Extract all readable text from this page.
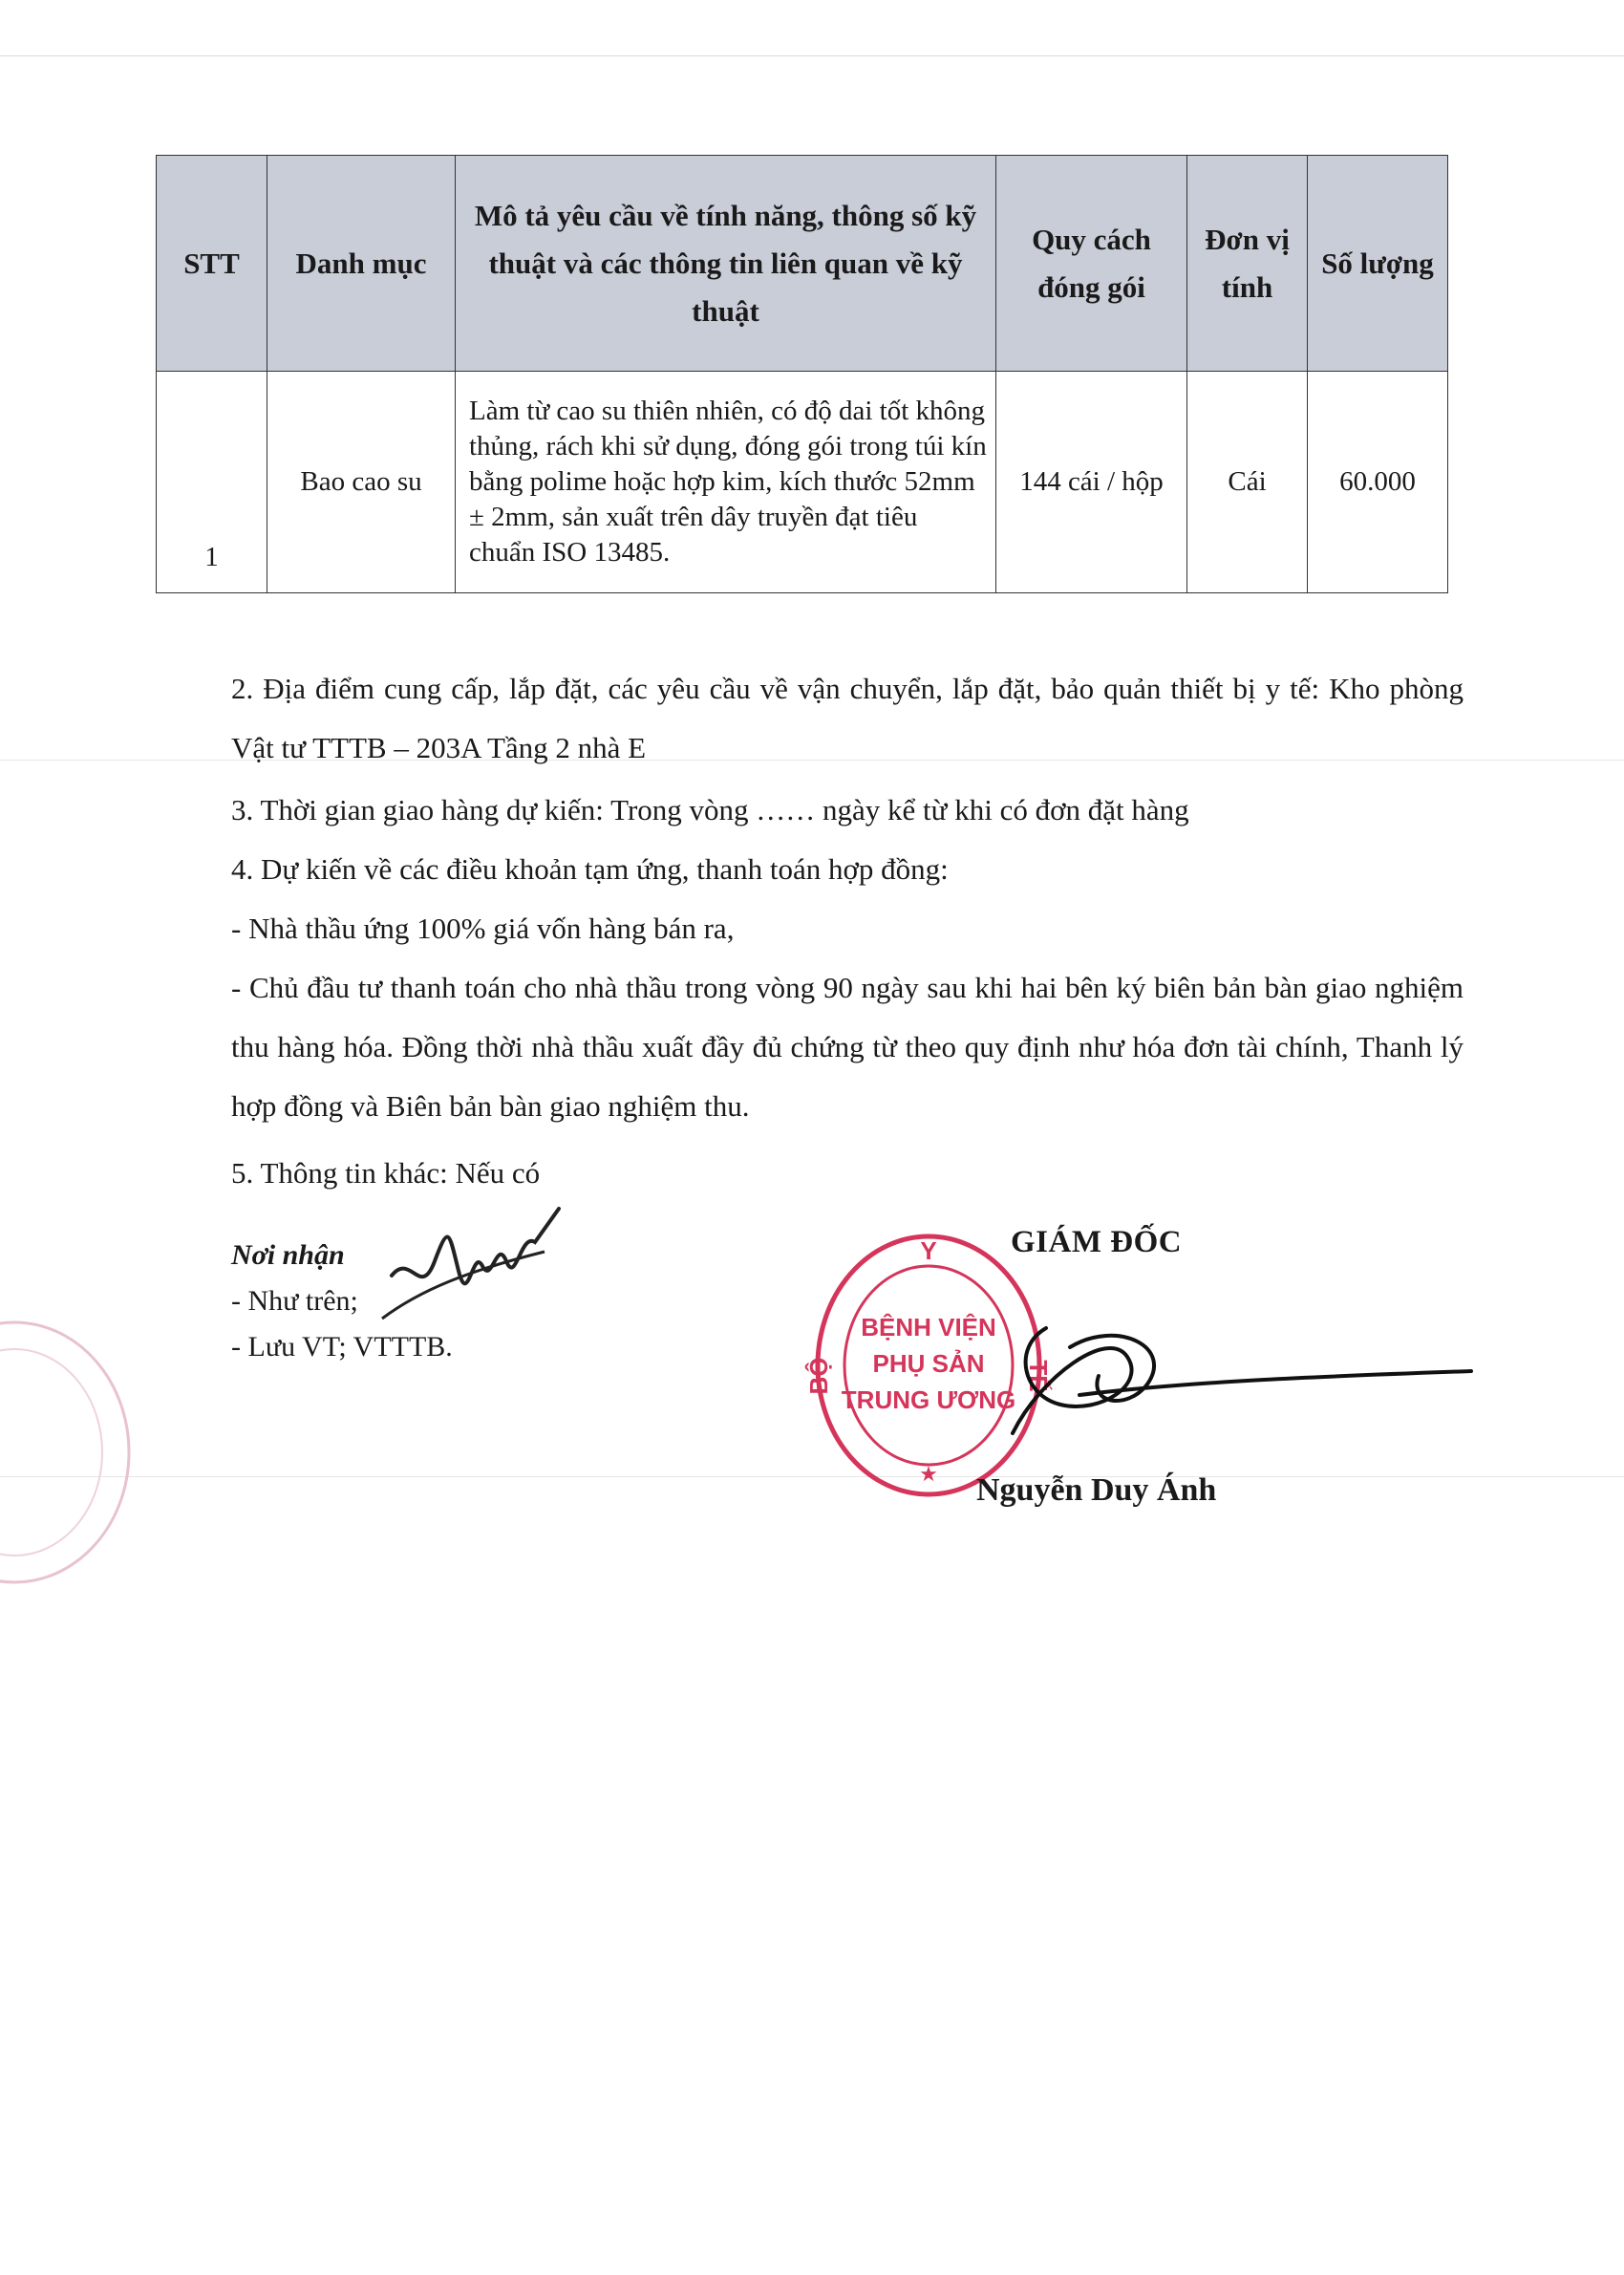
STT	Danh mục	Mô tả yêu cầu về tính năng, thông số kỹ thuật và các thông tin liên quan về kỹ thuật	Quy cách đóng gói	Đơn vị tính	Số lượng
1	Bao cao su	Làm từ cao su thiên nhiên, có độ dai tốt không thủng, rách khi sử dụng, đóng gói trong túi kín bằng polime hoặc hợp kim, kích thước 52mm ± 2mm, sản xuất trên dây truyền đạt tiêu chuẩn ISO 13485.	144 cái / hộp	Cái	60.000

2. Địa điểm cung cấp, lắp đặt, các yêu cầu về vận chuyển, lắp đặt, bảo quản thiết bị y tế: Kho phòng Vật tư TTTB – 203A Tầng 2 nhà E

3. Thời gian giao hàng dự kiến: Trong vòng …… ngày kể từ khi có đơn đặt hàng

4. Dự kiến về các điều khoản tạm ứng, thanh toán hợp đồng:

- Nhà thầu ứng 100% giá vốn hàng bán ra,

- Chủ đầu tư thanh toán cho nhà thầu trong vòng 90 ngày sau khi hai bên ký biên bản bàn giao nghiệm thu hàng hóa. Đồng thời nhà thầu xuất đầy đủ chứng từ theo quy định như hóa đơn tài chính, Thanh lý hợp đồng và Biên bản bàn giao nghiệm thu.

5. Thông tin khác: Nếu có

Nơi nhận
- Như trên;
- Lưu VT; VTTTB.
Y
BỘ	TẾ
BỆNH VIỆN
PHỤ SẢN
TRUNG ƯƠNG
★
GIÁM ĐỐC
Nguyễn Duy Ánh
